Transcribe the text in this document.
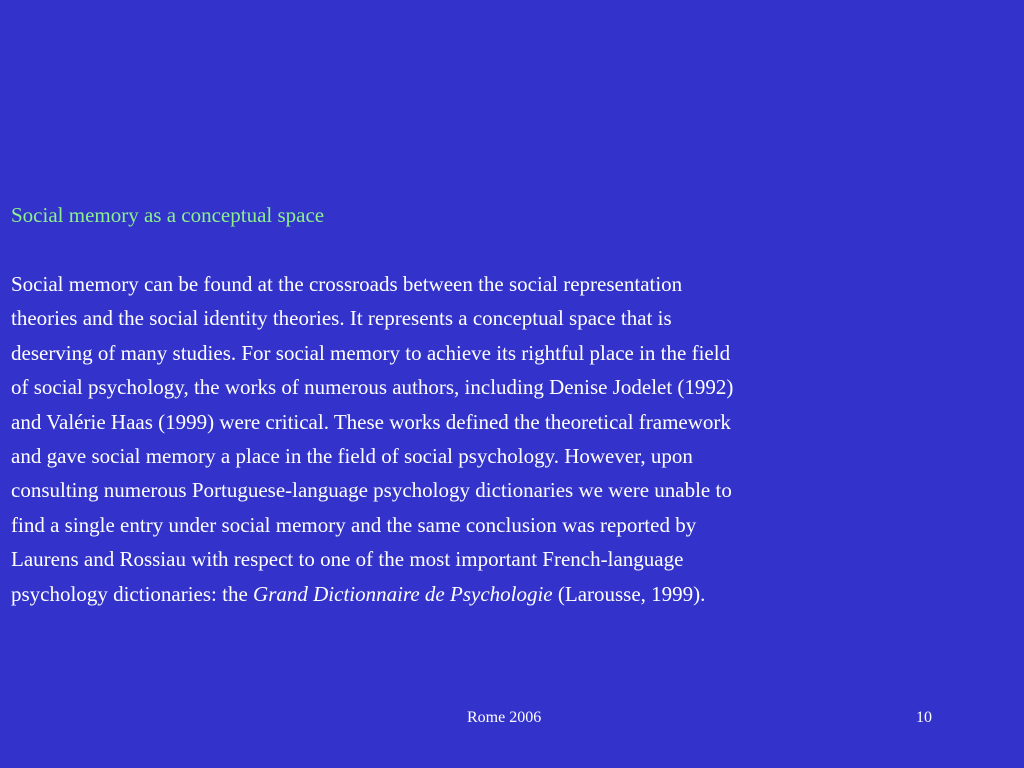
Social memory as a conceptual space
Social memory can be found at the crossroads between the social representation
theories and the social identity theories. It represents a conceptual space that is
deserving of many studies. For social memory to achieve its rightful place in the field
of social psychology, the works of numerous authors, including Denise Jodelet (1992)
and Valérie Haas (1999) were critical. These works defined the theoretical framework
and gave social memory a place in the field of social psychology. However, upon
consulting numerous Portuguese-language psychology dictionaries we were unable to
find a single entry under social memory and the same conclusion was reported by
Laurens and Rossiau with respect to one of the most important French-language
psychology dictionaries: the Grand Dictionnaire de Psychologie (Larousse, 1999).
Rome 2006	10
